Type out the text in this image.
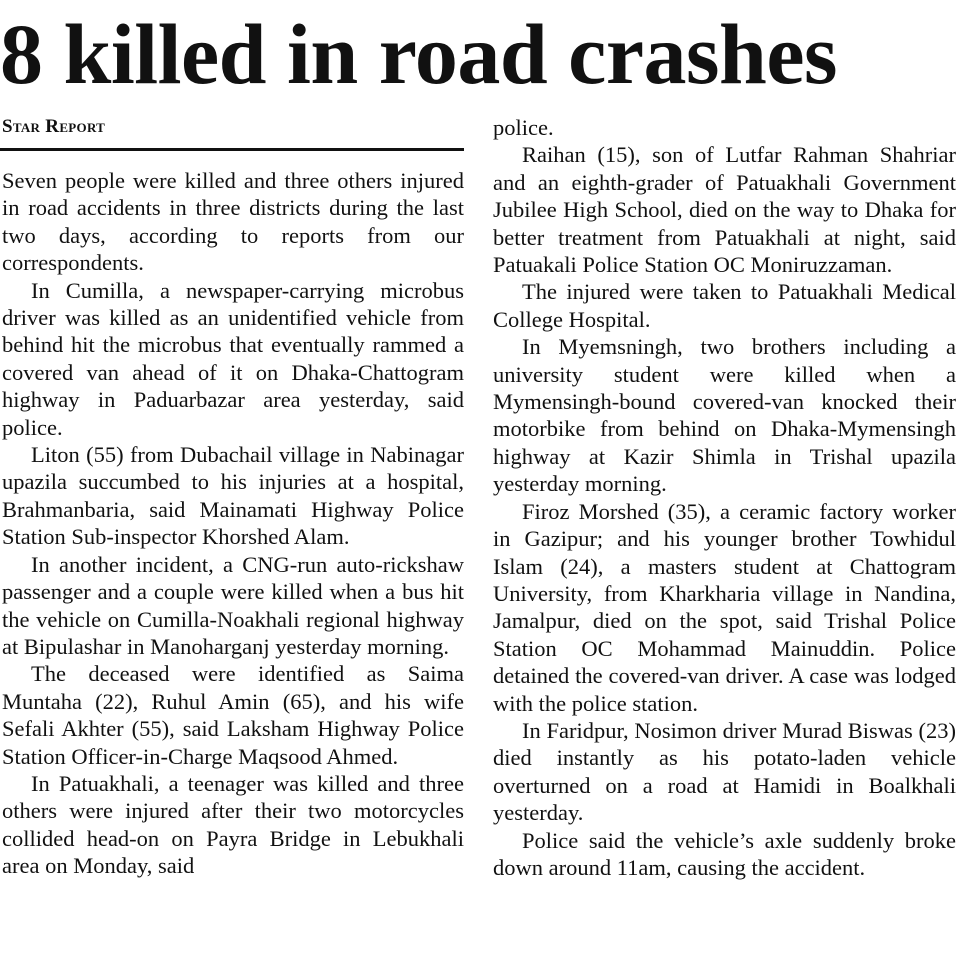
8 killed in road crashes
Star Report

Seven people were killed and three others injured in road accidents in three districts during the last two days, according to reports from our correspondents.

In Cumilla, a newspaper-carrying microbus driver was killed as an unidentified vehicle from behind hit the microbus that eventually rammed a covered van ahead of it on Dhaka-Chattogram highway in Paduarbazar area yesterday, said police.

Liton (55) from Dubachail village in Nabinagar upazila succumbed to his injuries at a hospital, Brahmanbaria, said Mainamati Highway Police Station Sub-inspector Khorshed Alam.

In another incident, a CNG-run auto-rickshaw passenger and a couple were killed when a bus hit the vehicle on Cumilla-Noakhali regional highway at Bipulashar in Manoharganj yesterday morning.

The deceased were identified as Saima Muntaha (22), Ruhul Amin (65), and his wife Sefali Akhter (55), said Laksham Highway Police Station Officer-in-Charge Maqsood Ahmed.

In Patuakhali, a teenager was killed and three others were injured after their two motorcycles collided head-on on Payra Bridge in Lebukhali area on Monday, said

police.

Raihan (15), son of Lutfar Rahman Shahriar and an eighth-grader of Patuakhali Government Jubilee High School, died on the way to Dhaka for better treatment from Patuakhali at night, said Patuakali Police Station OC Moniruzzaman.

The injured were taken to Patuakhali Medical College Hospital.

In Myemsningh, two brothers including a university student were killed when a Mymensingh-bound covered-van knocked their motorbike from behind on Dhaka-Mymensingh highway at Kazir Shimla in Trishal upazila yesterday morning.

Firoz Morshed (35), a ceramic factory worker in Gazipur; and his younger brother Towhidul Islam (24), a masters student at Chattogram University, from Kharkharia village in Nandina, Jamalpur, died on the spot, said Trishal Police Station OC Mohammad Mainuddin. Police detained the covered-van driver. A case was lodged with the police station.

In Faridpur, Nosimon driver Murad Biswas (23) died instantly as his potato-laden vehicle overturned on a road at Hamidi in Boalkhali yesterday.

Police said the vehicle’s axle suddenly broke down around 11am, causing the accident.
